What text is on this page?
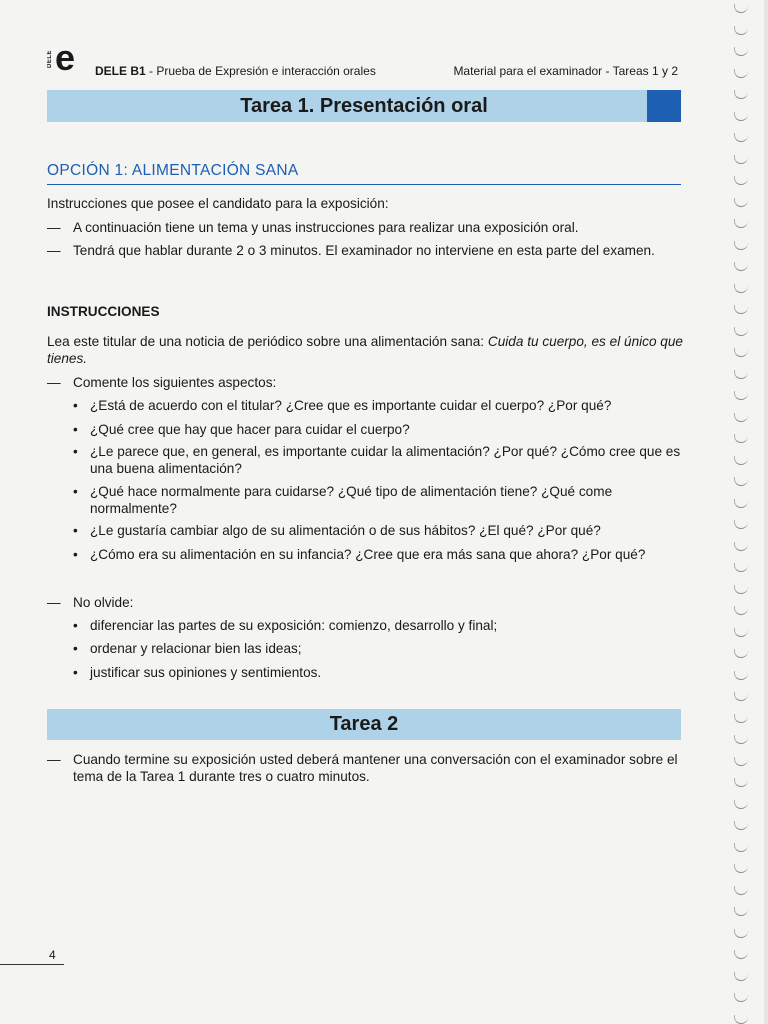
DELE e DELE B1 - Prueba de Expresión e interacción orales	Material para el examinador - Tareas 1 y 2
Tarea 1. Presentación oral
OPCIÓN 1: ALIMENTACIÓN SANA
Instrucciones que posee el candidato para la exposición:
— A continuación tiene un tema y unas instrucciones para realizar una exposición oral.
— Tendrá que hablar durante 2 o 3 minutos. El examinador no interviene en esta parte del examen.
INSTRUCCIONES
Lea este titular de una noticia de periódico sobre una alimentación sana: Cuida tu cuerpo, es el único que tienes.
— Comente los siguientes aspectos:
• ¿Está de acuerdo con el titular? ¿Cree que es importante cuidar el cuerpo? ¿Por qué?
• ¿Qué cree que hay que hacer para cuidar el cuerpo?
• ¿Le parece que, en general, es importante cuidar la alimentación? ¿Por qué? ¿Cómo cree que es una buena alimentación?
• ¿Qué hace normalmente para cuidarse? ¿Qué tipo de alimentación tiene? ¿Qué come normalmente?
• ¿Le gustaría cambiar algo de su alimentación o de sus hábitos? ¿El qué? ¿Por qué?
• ¿Cómo era su alimentación en su infancia? ¿Cree que era más sana que ahora? ¿Por qué?
— No olvide:
• diferenciar las partes de su exposición: comienzo, desarrollo y final;
• ordenar y relacionar bien las ideas;
• justificar sus opiniones y sentimientos.
Tarea 2
— Cuando termine su exposición usted deberá mantener una conversación con el examinador sobre el tema de la Tarea 1 durante tres o cuatro minutos.
4
